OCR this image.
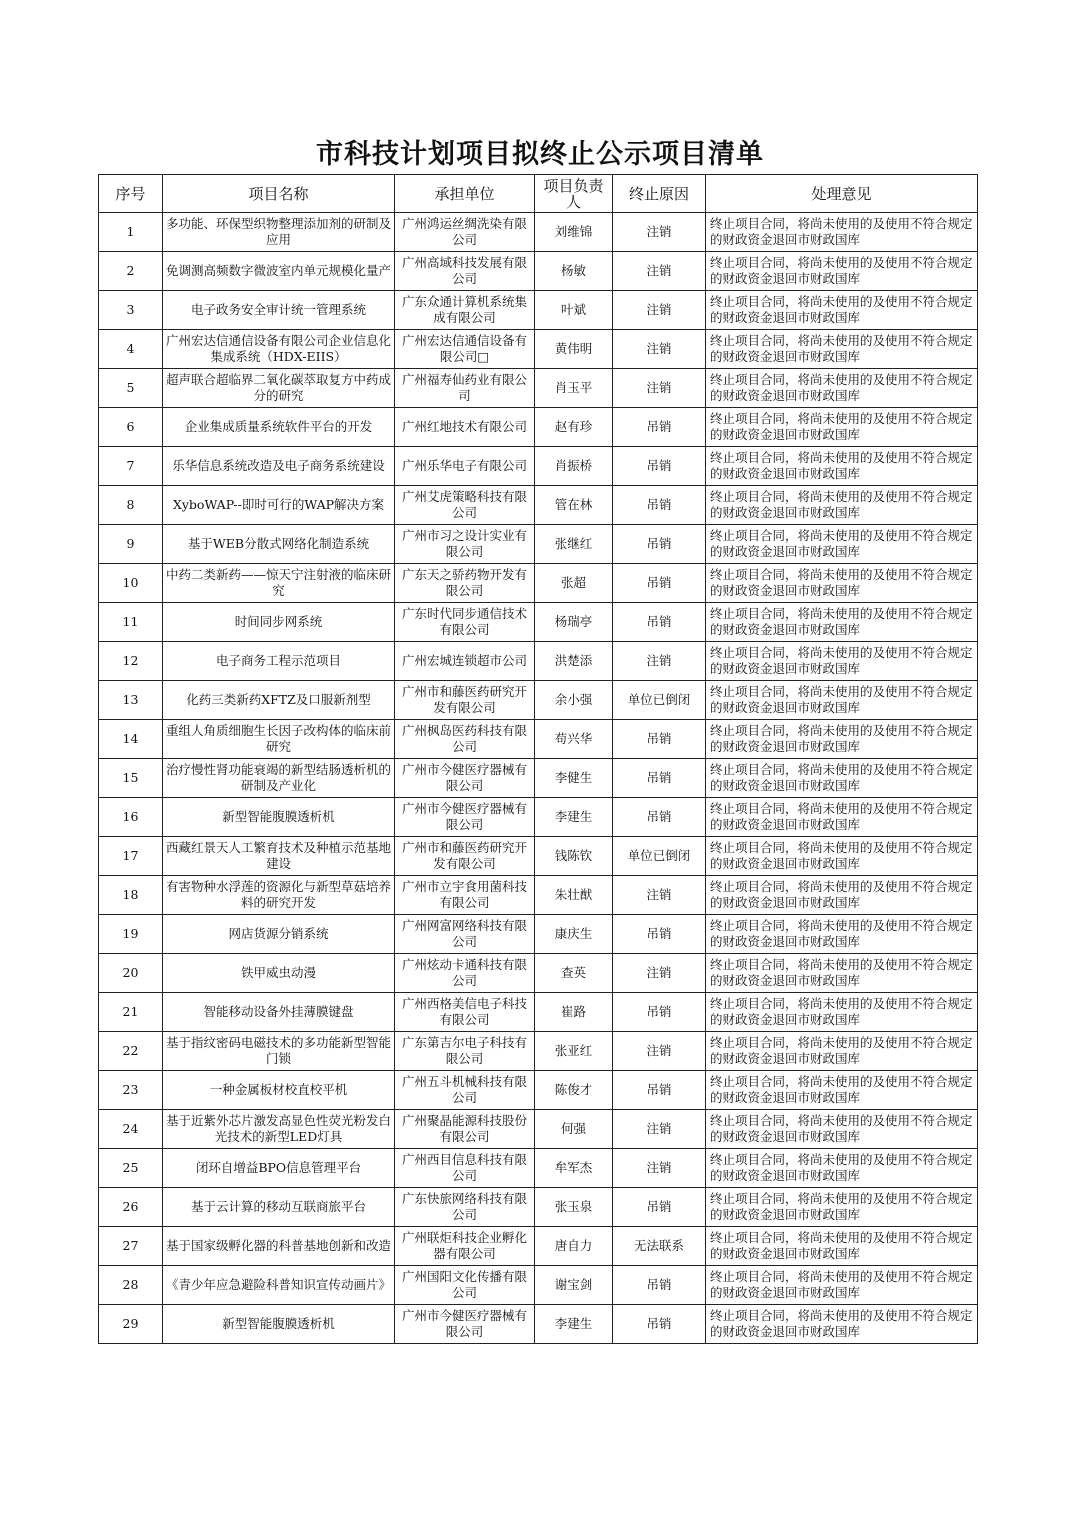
市科技计划项目拟终止公示项目清单
序号	项目名称	承担单位	项目负责人	终止原因	处理意见
1	多功能、环保型织物整理添加剂的研制及应用	广州鸿运丝绸洗染有限公司	刘维锦	注销	终止项目合同，将尚未使用的及使用不符合规定的财政资金退回市财政国库
2	免调测高频数字微波室内单元规模化量产	广州高域科技发展有限公司	杨敏	注销	终止项目合同，将尚未使用的及使用不符合规定的财政资金退回市财政国库
3	电子政务安全审计统一管理系统	广东众通计算机系统集成有限公司	叶斌	注销	终止项目合同，将尚未使用的及使用不符合规定的财政资金退回市财政国库
4	广州宏达信通信设备有限公司企业信息化集成系统（HDX-EIIS）	广州宏达信通信设备有限公司□	黄伟明	注销	终止项目合同，将尚未使用的及使用不符合规定的财政资金退回市财政国库
5	超声联合超临界二氧化碳萃取复方中药成分的研究	广州福寿仙药业有限公司	肖玉平	注销	终止项目合同，将尚未使用的及使用不符合规定的财政资金退回市财政国库
6	企业集成质量系统软件平台的开发	广州红地技术有限公司	赵有珍	吊销	终止项目合同，将尚未使用的及使用不符合规定的财政资金退回市财政国库
7	乐华信息系统改造及电子商务系统建设	广州乐华电子有限公司	肖振桥	吊销	终止项目合同，将尚未使用的及使用不符合规定的财政资金退回市财政国库
8	XyboWAP--即时可行的WAP解决方案	广州艾虎策略科技有限公司	管在林	吊销	终止项目合同，将尚未使用的及使用不符合规定的财政资金退回市财政国库
9	基于WEB分散式网络化制造系统	广州市习之设计实业有限公司	张继红	吊销	终止项目合同，将尚未使用的及使用不符合规定的财政资金退回市财政国库
10	中药二类新药——惊天宁注射液的临床研究	广东天之骄药物开发有限公司	张超	吊销	终止项目合同，将尚未使用的及使用不符合规定的财政资金退回市财政国库
11	时间同步网系统	广东时代同步通信技术有限公司	杨瑞亭	吊销	终止项目合同，将尚未使用的及使用不符合规定的财政资金退回市财政国库
12	电子商务工程示范项目	广州宏城连锁超市公司	洪楚添	注销	终止项目合同，将尚未使用的及使用不符合规定的财政资金退回市财政国库
13	化药三类新药XFTZ及口服新剂型	广州市和藤医药研究开发有限公司	余小强	单位已倒闭	终止项目合同，将尚未使用的及使用不符合规定的财政资金退回市财政国库
14	重组人角质细胞生长因子改构体的临床前研究	广州枫岛医药科技有限公司	苟兴华	吊销	终止项目合同，将尚未使用的及使用不符合规定的财政资金退回市财政国库
15	治疗慢性肾功能衰竭的新型结肠透析机的研制及产业化	广州市今健医疗器械有限公司	李健生	吊销	终止项目合同，将尚未使用的及使用不符合规定的财政资金退回市财政国库
16	新型智能腹膜透析机	广州市今健医疗器械有限公司	李建生	吊销	终止项目合同，将尚未使用的及使用不符合规定的财政资金退回市财政国库
17	西藏红景天人工繁育技术及种植示范基地建设	广州市和藤医药研究开发有限公司	钱陈钦	单位已倒闭	终止项目合同，将尚未使用的及使用不符合规定的财政资金退回市财政国库
18	有害物种水浮莲的资源化与新型草菇培养料的研究开发	广州市立宇食用菌科技有限公司	朱壮猷	注销	终止项目合同，将尚未使用的及使用不符合规定的财政资金退回市财政国库
19	网店货源分销系统	广州网富网络科技有限公司	康庆生	吊销	终止项目合同，将尚未使用的及使用不符合规定的财政资金退回市财政国库
20	铁甲威虫动漫	广州炫动卡通科技有限公司	查英	注销	终止项目合同，将尚未使用的及使用不符合规定的财政资金退回市财政国库
21	智能移动设备外挂薄膜键盘	广州西格美信电子科技有限公司	崔路	吊销	终止项目合同，将尚未使用的及使用不符合规定的财政资金退回市财政国库
22	基于指纹密码电磁技术的多功能新型智能门锁	广东第吉尔电子科技有限公司	张亚红	注销	终止项目合同，将尚未使用的及使用不符合规定的财政资金退回市财政国库
23	一种金属板材校直校平机	广州五斗机械科技有限公司	陈俊才	吊销	终止项目合同，将尚未使用的及使用不符合规定的财政资金退回市财政国库
24	基于近紫外芯片激发高显色性荧光粉发白光技术的新型LED灯具	广州聚晶能源科技股份有限公司	何强	注销	终止项目合同，将尚未使用的及使用不符合规定的财政资金退回市财政国库
25	闭环自增益BPO信息管理平台	广州西目信息科技有限公司	牟军杰	注销	终止项目合同，将尚未使用的及使用不符合规定的财政资金退回市财政国库
26	基于云计算的移动互联商旅平台	广东快旅网络科技有限公司	张玉泉	吊销	终止项目合同，将尚未使用的及使用不符合规定的财政资金退回市财政国库
27	基于国家级孵化器的科普基地创新和改造	广州联炬科技企业孵化器有限公司	唐自力	无法联系	终止项目合同，将尚未使用的及使用不符合规定的财政资金退回市财政国库
28	《青少年应急避险科普知识宣传动画片》	广州国阳文化传播有限公司	谢宝剑	吊销	终止项目合同，将尚未使用的及使用不符合规定的财政资金退回市财政国库
29	新型智能腹膜透析机	广州市今健医疗器械有限公司	李建生	吊销	终止项目合同，将尚未使用的及使用不符合规定的财政资金退回市财政国库
